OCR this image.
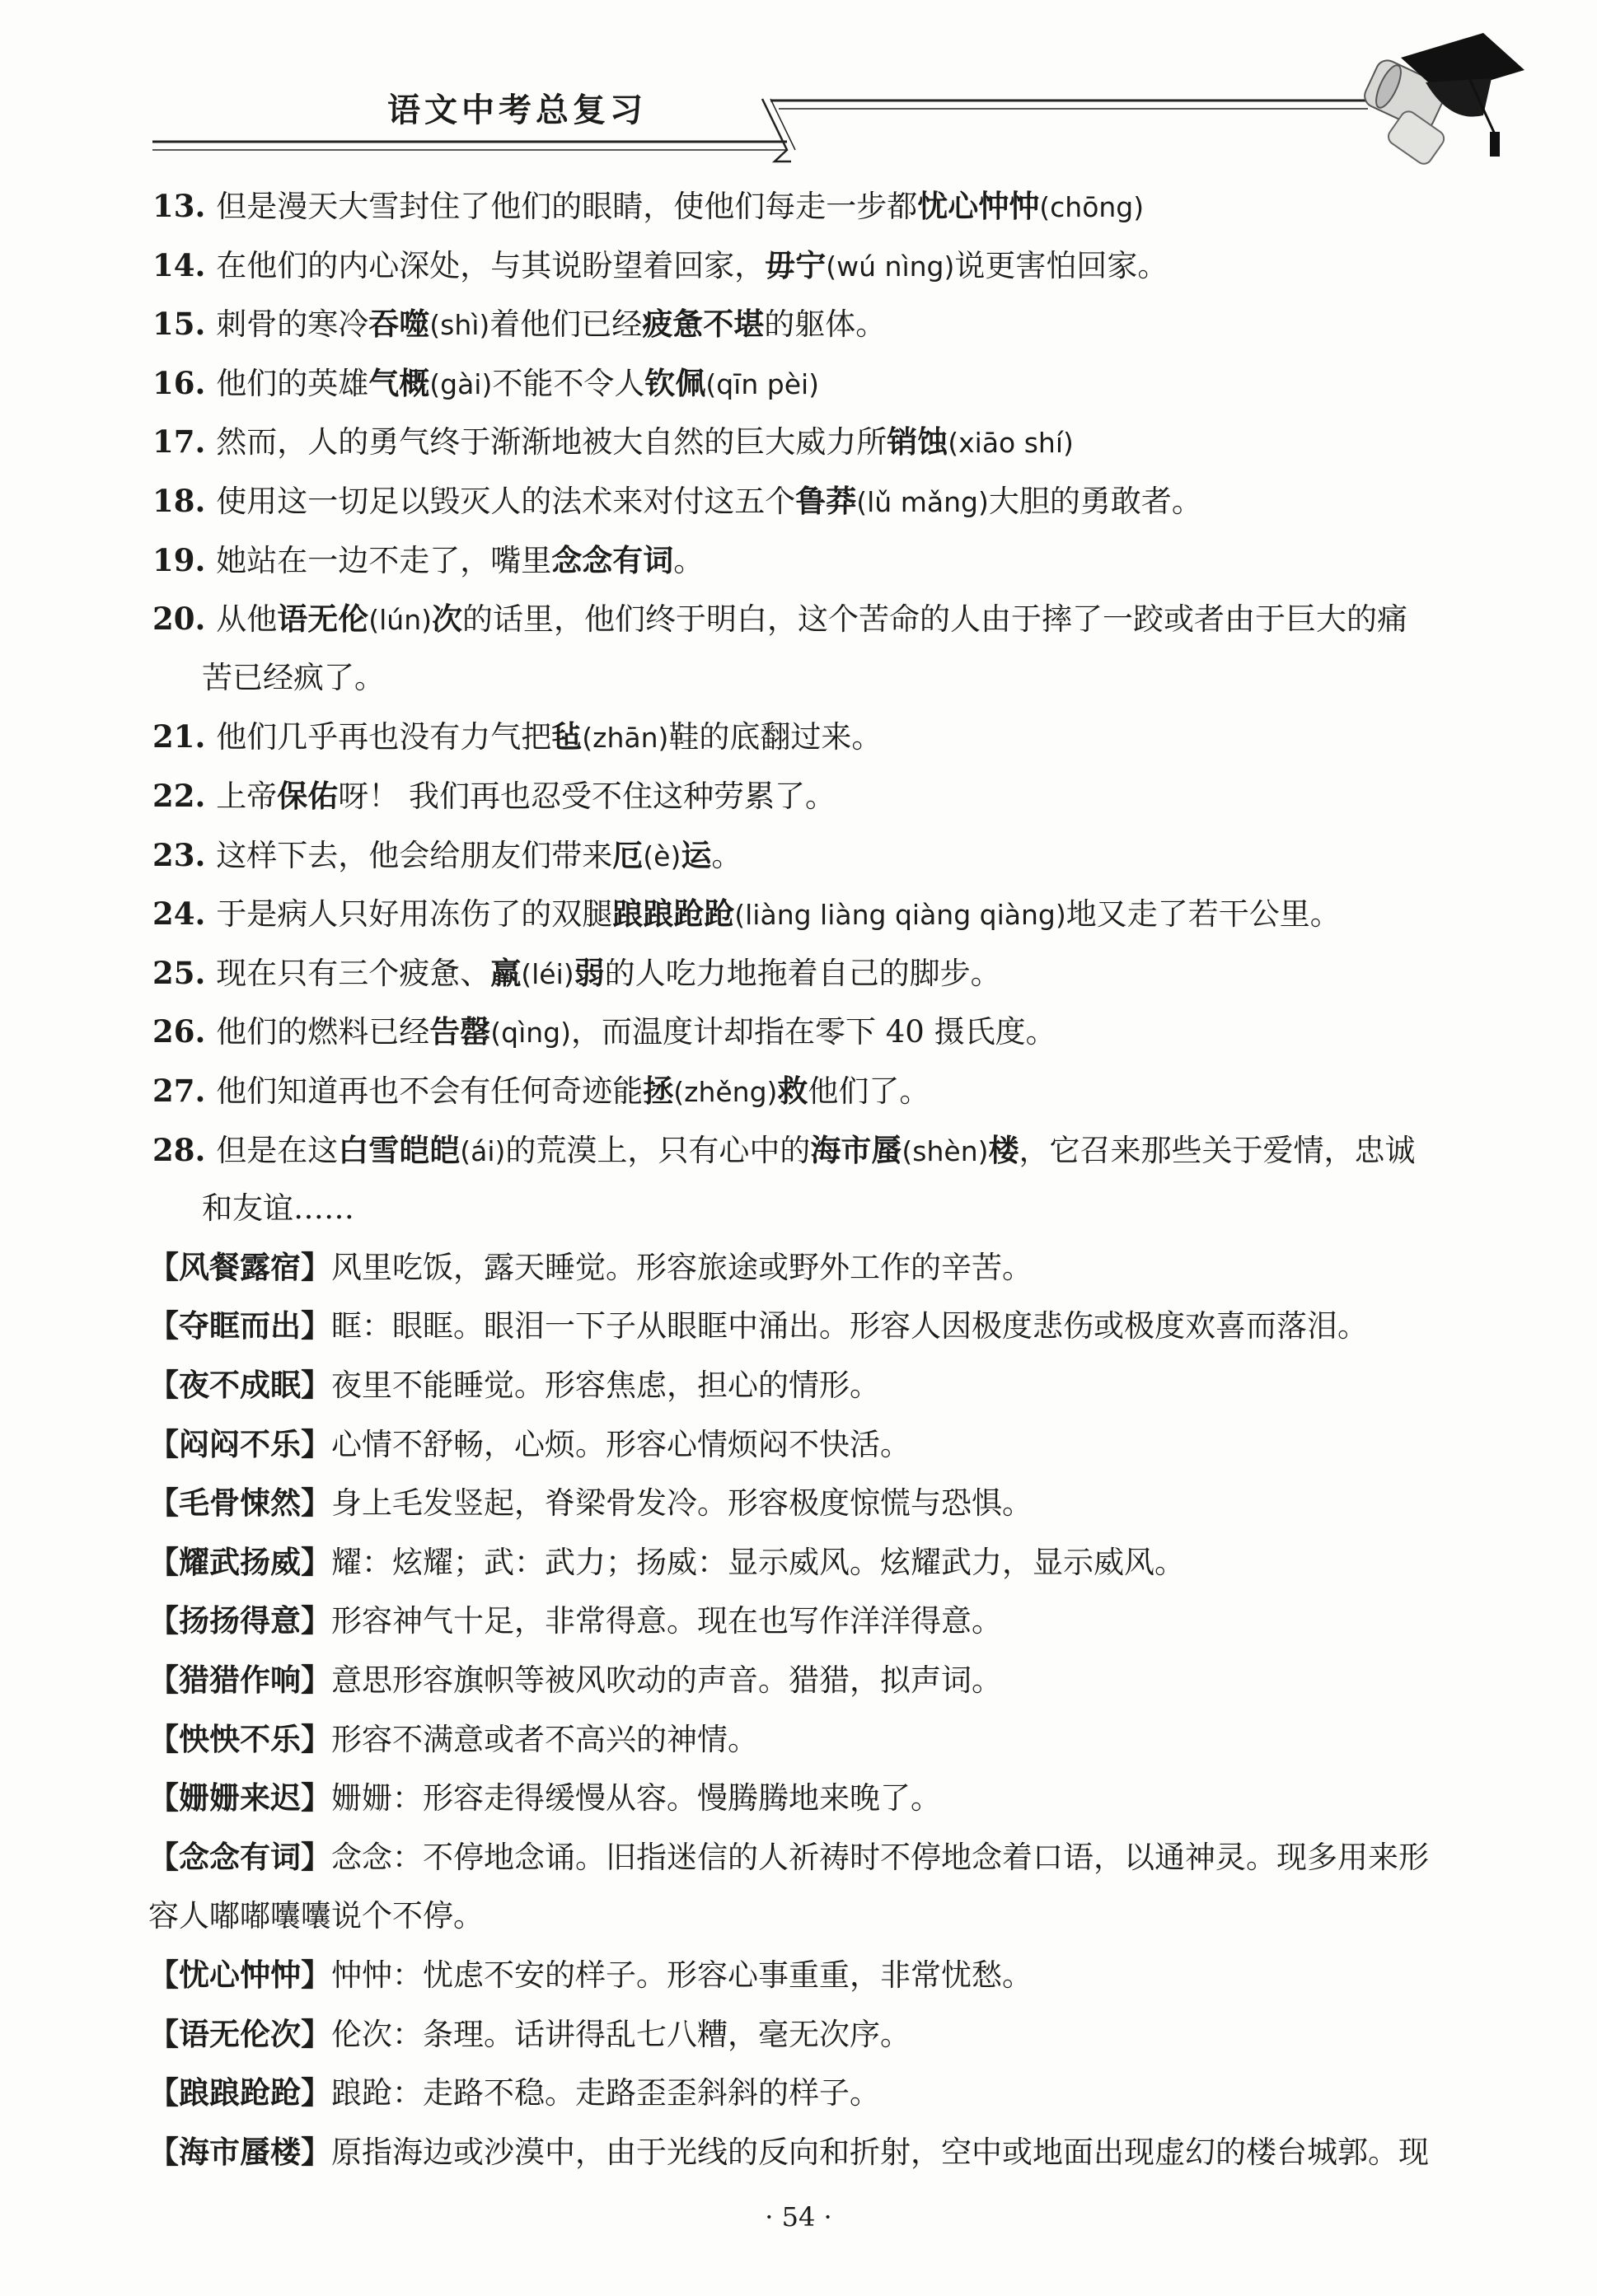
语文中考总复习
13. 但是漫天大雪封住了他们的眼睛，使他们每走一步都忧心忡忡(chōng)
14. 在他们的内心深处，与其说盼望着回家，毋宁(wú nìng)说更害怕回家。
15. 刺骨的寒冷吞噬(shì)着他们已经疲惫不堪的躯体。
16. 他们的英雄气概(gài)不能不令人钦佩(qīn pèi)
17. 然而，人的勇气终于渐渐地被大自然的巨大威力所销蚀(xiāo shí)
18. 使用这一切足以毁灭人的法术来对付这五个鲁莽(lǔ mǎng)大胆的勇敢者。
19. 她站在一边不走了，嘴里念念有词。
20. 从他语无伦(lún)次的话里，他们终于明白，这个苦命的人由于摔了一跤或者由于巨大的痛
苦已经疯了。
21. 他们几乎再也没有力气把毡(zhān)鞋的底翻过来。
22. 上帝保佑呀！ 我们再也忍受不住这种劳累了。
23. 这样下去，他会给朋友们带来厄(è)运。
24. 于是病人只好用冻伤了的双腿踉踉跄跄(liàng liàng qiàng qiàng)地又走了若干公里。
25. 现在只有三个疲惫、羸(léi)弱的人吃力地拖着自己的脚步。
26. 他们的燃料已经告罄(qìng)，而温度计却指在零下 40 摄氏度。
27. 他们知道再也不会有任何奇迹能拯(zhěng)救他们了。
28. 但是在这白雪皑皑(ái)的荒漠上，只有心中的海市蜃(shèn)楼，它召来那些关于爱情，忠诚
和友谊……
【风餐露宿】风里吃饭，露天睡觉。形容旅途或野外工作的辛苦。
【夺眶而出】眶：眼眶。眼泪一下子从眼眶中涌出。形容人因极度悲伤或极度欢喜而落泪。
【夜不成眠】夜里不能睡觉。形容焦虑，担心的情形。
【闷闷不乐】心情不舒畅，心烦。形容心情烦闷不快活。
【毛骨悚然】身上毛发竖起，脊梁骨发冷。形容极度惊慌与恐惧。
【耀武扬威】耀：炫耀；武：武力；扬威：显示威风。炫耀武力，显示威风。
【扬扬得意】形容神气十足，非常得意。现在也写作洋洋得意。
【猎猎作响】意思形容旗帜等被风吹动的声音。猎猎，拟声词。
【怏怏不乐】形容不满意或者不高兴的神情。
【姗姗来迟】姗姗：形容走得缓慢从容。慢腾腾地来晚了。
【念念有词】念念：不停地念诵。旧指迷信的人祈祷时不停地念着口语，以通神灵。现多用来形
容人嘟嘟囔囔说个不停。
【忧心忡忡】忡忡：忧虑不安的样子。形容心事重重，非常忧愁。
【语无伦次】伦次：条理。话讲得乱七八糟，毫无次序。
【踉踉跄跄】踉跄：走路不稳。走路歪歪斜斜的样子。
【海市蜃楼】原指海边或沙漠中，由于光线的反向和折射，空中或地面出现虚幻的楼台城郭。现
· 54 ·
